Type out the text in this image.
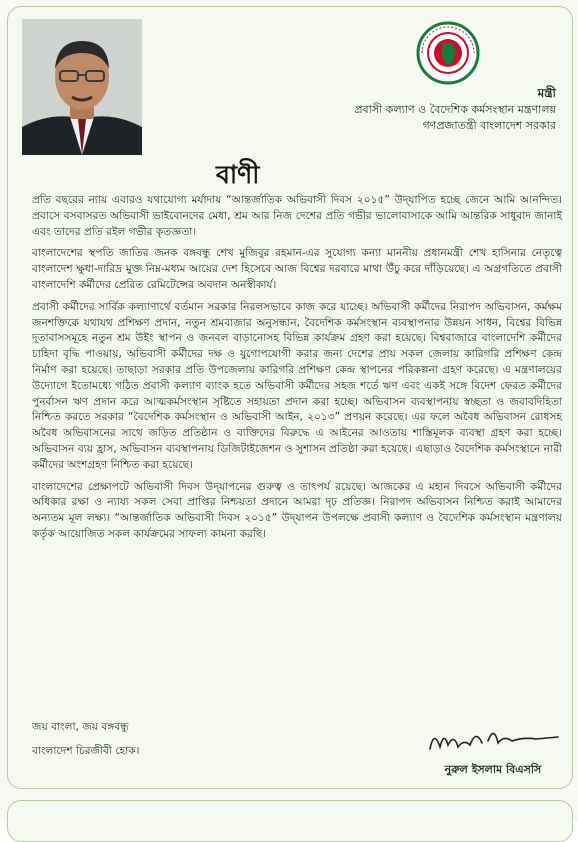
মন্ত্রী
প্রবাসী কল্যাণ ও বৈদেশিক কর্মসংস্থান মন্ত্রণালয়
গণপ্রজাতন্ত্রী বাংলাদেশ সরকার
বাণী

প্রতি বছরের ন্যায় এবারও যথাযোগ্য মর্যাদায় “আন্তর্জাতিক অভিবাসী দিবস ২০১৫” উদ্‌যাপিত হচ্ছে জেনে আমি আনন্দিত। প্রবাসে বসবাসরত অভিবাসী ভাইবোনদের মেধা, শ্রম আর নিজ দেশের প্রতি গভীর ভালোবাসাকে আমি আন্তরিক সাধুবাদ জানাই এবং তাদের প্রতি রইল গভীর কৃতজ্ঞতা।

বাংলাদেশের স্থপতি জাতির জনক বঙ্গবন্ধু শেখ মুজিবুর রহমান-এর সুযোগ্য কন্যা মাননীয় প্রধানমন্ত্রী শেখ হাসিনার নেতৃত্বে বাংলাদেশ ক্ষুধা-দারিদ্র মুক্ত নিম্ন-মধ্যম আয়ের দেশ হিসেবে আজ বিশ্বের দরবারে মাথা উঁচু করে দাঁড়িয়েছে। এ অগ্রগতিতে প্রবাসী বাংলাদেশি কর্মীদের প্রেরিত রেমিটেন্সের অবদান অনস্বীকার্য।

প্রবাসী কর্মীদের সার্বিক কল্যাণার্থে বর্তমান সরকার নিরলসভাবে কাজ করে যাচ্ছে। অভিবাসী কর্মীদের নিরাপদ অভিবাসন, কর্মক্ষম জনশক্তিকে যথাযথ প্রশিক্ষণ প্রদান, নতুন শ্রমবাজার অনুসন্ধান, বৈদেশিক কর্মসংস্থান ব্যবস্থাপনার উন্নয়ন সাধন, বিশ্বের বিভিন্ন দূতাবাসসমূহে নতুন শ্রম উইং স্থাপন ও জনবল বাড়ানোসহ বিভিন্ন কার্যক্রম গ্রহণ করা হয়েছে। বিশ্ববাজারে বাংলাদেশি কর্মীদের চাহিদা বৃদ্ধি পাওয়ায়, অভিবাসী কর্মীদের দক্ষ ও যুগোপযোগী করার জন্য দেশের প্রায় সকল জেলায় কারিগরি প্রশিক্ষণ কেন্দ্র নির্মাণ করা হয়েছে। তাছাড়া সরকার প্রতি উপজেলায় কারিগরি প্রশিক্ষণ কেন্দ্র স্থাপনের পরিকল্পনা গ্রহণ করেছে। এ মন্ত্রণালয়ের উদ্যোগে ইতোমধ্যে গঠিত প্রবাসী কল্যাণ ব্যাংক হতে অভিবাসী কর্মীদের সহজ শর্তে ঋণ এবং একই সঙ্গে বিদেশ ফেরত কর্মীদের পুনর্বাসন ঋণ প্রদান করে আত্মকর্মসংস্থান সৃষ্টিতে সহায়তা প্রদান করা হচ্ছে। অভিবাসন ব্যবস্থাপনায় স্বচ্ছতা ও জবাবদিহিতা নিশ্চিত করতে সরকার “বৈদেশিক কর্মসংস্থান ও অভিবাসী আইন, ২০১৩” প্রণয়ন করেছে। এর ফলে অবৈধ অভিবাসন রোধসহ অবৈধ অভিবাসনের সাথে জড়িত প্রতিষ্ঠান ও ব্যক্তিদের বিরুদ্ধে এ আইনের আওতায় শাস্তিমূলক ব্যবস্থা গ্রহণ করা হচ্ছে। অভিবাসন ব্যয় হ্রাস, অভিবাসন ব্যবস্থাপনায় ডিজিটাইজেশন ও সুশাসন প্রতিষ্ঠা করা হয়েছে। এছাড়াও বৈদেশিক কর্মসংস্থানে নারী কর্মীদের অংশগ্রহণ নিশ্চিত করা হয়েছে।

বাংলাদেশের প্রেক্ষাপটে অভিবাসী দিবস উদ্‌যাপনের গুরুত্ব ও তাৎপর্য রয়েছে। আজকের এ মহান দিবসে অভিবাসী কর্মীদের অধিকার রক্ষা ও ন্যায্য সকল সেবা প্রাপ্তির নিশ্চয়তা প্রদানে আমরা দৃঢ় প্রতিজ্ঞ। নিরাপদ অভিবাসন নিশ্চিত করাই আমাদের অন্যতম মূল লক্ষ্য। “আন্তর্জাতিক অভিবাসী দিবস ২০১৫” উদ্‌যাপন উপলক্ষে প্রবাসী কল্যাণ ও বৈদেশিক কর্মসংস্থান মন্ত্রণালয় কর্তৃক আয়োজিত সকল কার্যক্রমের সাফল্য কামনা করছি।

জয় বাংলা, জয় বঙ্গবন্ধু
বাংলাদেশ চিরজীবী হোক।
নুরুল ইসলাম বিএসসি
